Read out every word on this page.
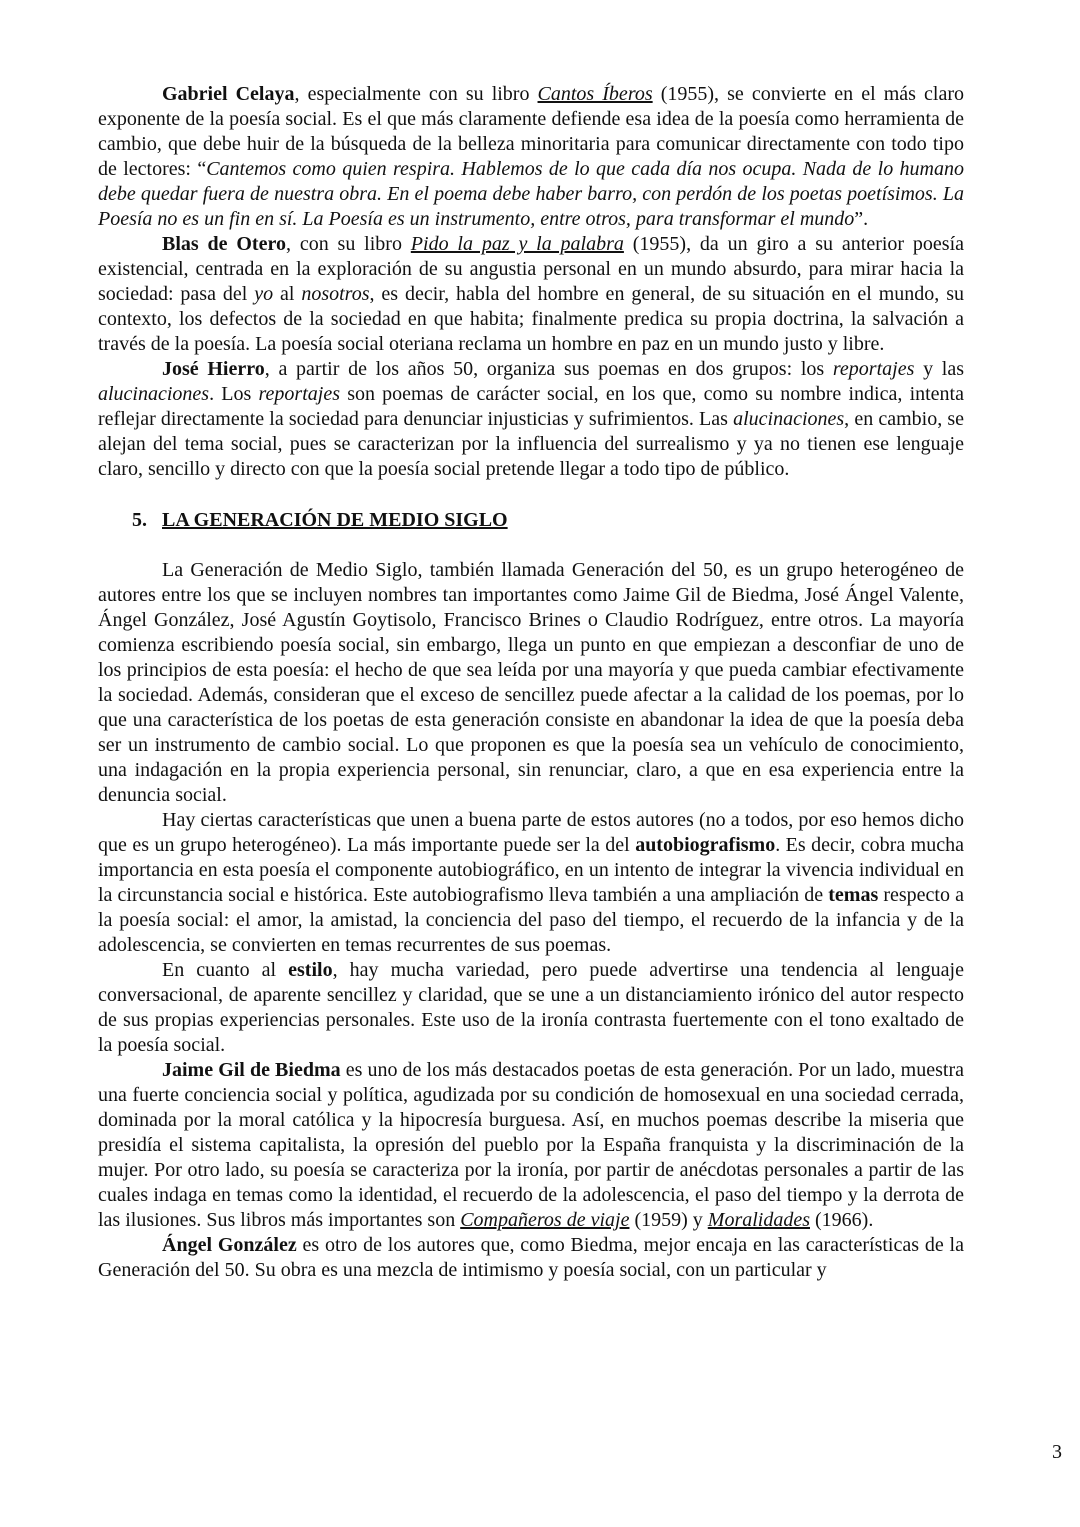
Gabriel Celaya, especialmente con su libro Cantos Íberos (1955), se convierte en el más claro exponente de la poesía social. Es el que más claramente defiende esa idea de la poesía como herramienta de cambio, que debe huir de la búsqueda de la belleza minoritaria para comunicar directamente con todo tipo de lectores: “Cantemos como quien respira. Hablemos de lo que cada día nos ocupa. Nada de lo humano debe quedar fuera de nuestra obra. En el poema debe haber barro, con perdón de los poetas poetísimos. La Poesía no es un fin en sí. La Poesía es un instrumento, entre otros, para transformar el mundo”.

Blas de Otero, con su libro Pido la paz y la palabra (1955), da un giro a su anterior poesía existencial, centrada en la exploración de su angustia personal en un mundo absurdo, para mirar hacia la sociedad: pasa del yo al nosotros, es decir, habla del hombre en general, de su situación en el mundo, su contexto, los defectos de la sociedad en que habita; finalmente predica su propia doctrina, la salvación a través de la poesía. La poesía social oteriana reclama un hombre en paz en un mundo justo y libre.

José Hierro, a partir de los años 50, organiza sus poemas en dos grupos: los reportajes y las alucinaciones. Los reportajes son poemas de carácter social, en los que, como su nombre indica, intenta reflejar directamente la sociedad para denunciar injusticias y sufrimientos. Las alucinaciones, en cambio, se alejan del tema social, pues se caracterizan por la influencia del surrealismo y ya no tienen ese lenguaje claro, sencillo y directo con que la poesía social pretende llegar a todo tipo de público.

5. LA GENERACIÓN DE MEDIO SIGLO

La Generación de Medio Siglo, también llamada Generación del 50, es un grupo heterogéneo de autores entre los que se incluyen nombres tan importantes como Jaime Gil de Biedma, José Ángel Valente, Ángel González, José Agustín Goytisolo, Francisco Brines o Claudio Rodríguez, entre otros. La mayoría comienza escribiendo poesía social, sin embargo, llega un punto en que empiezan a desconfiar de uno de los principios de esta poesía: el hecho de que sea leída por una mayoría y que pueda cambiar efectivamente la sociedad. Además, consideran que el exceso de sencillez puede afectar a la calidad de los poemas, por lo que una característica de los poetas de esta generación consiste en abandonar la idea de que la poesía deba ser un instrumento de cambio social. Lo que proponen es que la poesía sea un vehículo de conocimiento, una indagación en la propia experiencia personal, sin renunciar, claro, a que en esa experiencia entre la denuncia social.

Hay ciertas características que unen a buena parte de estos autores (no a todos, por eso hemos dicho que es un grupo heterogéneo). La más importante puede ser la del autobiografismo. Es decir, cobra mucha importancia en esta poesía el componente autobiográfico, en un intento de integrar la vivencia individual en la circunstancia social e histórica. Este autobiografismo lleva también a una ampliación de temas respecto a la poesía social: el amor, la amistad, la conciencia del paso del tiempo, el recuerdo de la infancia y de la adolescencia, se convierten en temas recurrentes de sus poemas.

En cuanto al estilo, hay mucha variedad, pero puede advertirse una tendencia al lenguaje conversacional, de aparente sencillez y claridad, que se une a un distanciamiento irónico del autor respecto de sus propias experiencias personales. Este uso de la ironía contrasta fuertemente con el tono exaltado de la poesía social.

Jaime Gil de Biedma es uno de los más destacados poetas de esta generación. Por un lado, muestra una fuerte conciencia social y política, agudizada por su condición de homosexual en una sociedad cerrada, dominada por la moral católica y la hipocresía burguesa. Así, en muchos poemas describe la miseria que presidía el sistema capitalista, la opresión del pueblo por la España franquista y la discriminación de la mujer. Por otro lado, su poesía se caracteriza por la ironía, por partir de anécdotas personales a partir de las cuales indaga en temas como la identidad, el recuerdo de la adolescencia, el paso del tiempo y la derrota de las ilusiones. Sus libros más importantes son Compañeros de viaje (1959) y Moralidades (1966).

Ángel González es otro de los autores que, como Biedma, mejor encaja en las características de la Generación del 50. Su obra es una mezcla de intimismo y poesía social, con un particular y

3
